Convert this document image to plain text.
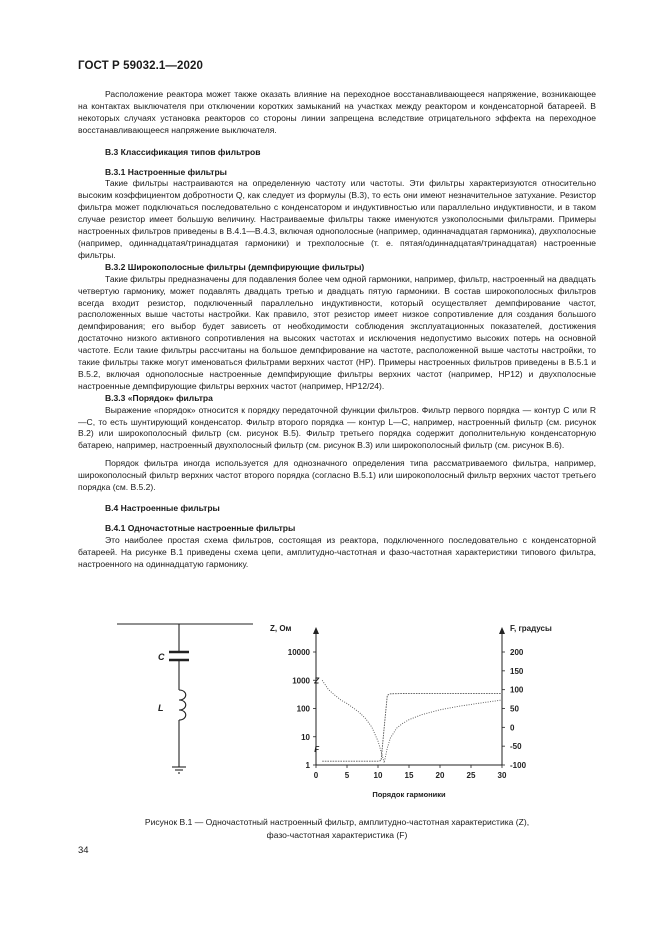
ГОСТ Р 59032.1—2020

Расположение реактора может также оказать влияние на переходное восстанавливающееся напряжение, возникающее на контактах выключателя при отключении коротких замыканий на участках между реактором и конденсаторной батареей. В некоторых случаях установка реакторов со стороны линии запрещена вследствие отрицательного эффекта на переходное восстанавливающееся напряжение выключателя.

В.3 Классификация типов фильтров
В.3.1 Настроенные фильтры

Такие фильтры настраиваются на определенную частоту или частоты. Эти фильтры характеризуются относительно высоким коэффициентом добротности Q, как следует из формулы (В.3), то есть они имеют незначительное затухание. Резистор фильтра может подключаться последовательно с конденсатором и индуктивностью или параллельно индуктивности, и в таком случае резистор имеет большую величину. Настраиваемые фильтры также именуются узкополосными фильтрами. Примеры настроенных фильтров приведены в В.4.1—В.4.3, включая однополосные (например, одинначадцатая гармоника), двухполосные (например, одиннадцатая/тринадцатая гармоники) и трехполосные (т. е. пятая/одиннадцатая/тринадцатая) настроенные фильтры.

В.3.2 Широкополосные фильтры (демпфирующие фильтры)

Такие фильтры предназначены для подавления более чем одной гармоники, например, фильтр, настроенный на двадцать четвертую гармонику, может подавлять двадцать третью и двадцать пятую гармоники. В состав широкополосных фильтров всегда входит резистор, подключенный параллельно индуктивности, который осуществляет демпфирование частот, расположенных выше частоты настройки. Как правило, этот резистор имеет низкое сопротивление для создания большого демпфирования; его выбор будет зависеть от необходимости соблюдения эксплуатационных показателей, достижения достаточно низкого активного сопротивления на высоких частотах и исключения недопустимо высоких потерь на основной частоте. Если такие фильтры рассчитаны на большое демпфирование на частоте, расположенной выше частоты настройки, то такие фильтры также могут именоваться фильтрами верхних частот (НР). Примеры настроенных фильтров приведены в В.5.1 и В.5.2, включая однополосные настроенные демпфирующие фильтры верхних частот (например, НР12) и двухполосные настроенные демпфирующие фильтры верхних частот (например, НР12/24).

В.3.3 «Порядок» фильтра

Выражение «порядок» относится к порядку передаточной функции фильтров. Фильтр первого порядка — контур С или R—C, то есть шунтирующий конденсатор. Фильтр второго порядка — контур L—C, например, настроенный фильтр (см. рисунок В.2) или широкополосный фильтр (см. рисунок В.5). Фильтр третьего порядка содержит дополнительную конденсаторную батарею, например, настроенный двухполосный фильтр (см. рисунок В.3) или широкополосный фильтр (см. рисунок В.6).

Порядок фильтра иногда используется для однозначного определения типа рассматриваемого фильтра, например, широкополосный фильтр верхних частот второго порядка (согласно В.5.1) или широкополосный фильтр верхних частот третьего порядка (см. В.5.2).

В.4 Настроенные фильтры
В.4.1 Одночастотные настроенные фильтры

Это наиболее простая схема фильтров, состоящая из реактора, подключенного последовательно с конденсаторной батареей. На рисунке В.1 приведены схема цепи, амплитудно-частотная и фазо-частотная характеристики типового фильтра, настроенного на одиннадцатую гармонику.

C
L
Z, Ом	F, градусы
Порядок гармоники
0	5	10	15	20	25	30
10000
1000
100
10
1
200
150
100
50
0
-50
-100
Z
F
Рисунок В.1 — Одночастотный настроенный фильтр, амплитудно-частотная характеристика (Z),
фазо-частотная характеристика (F)
34
